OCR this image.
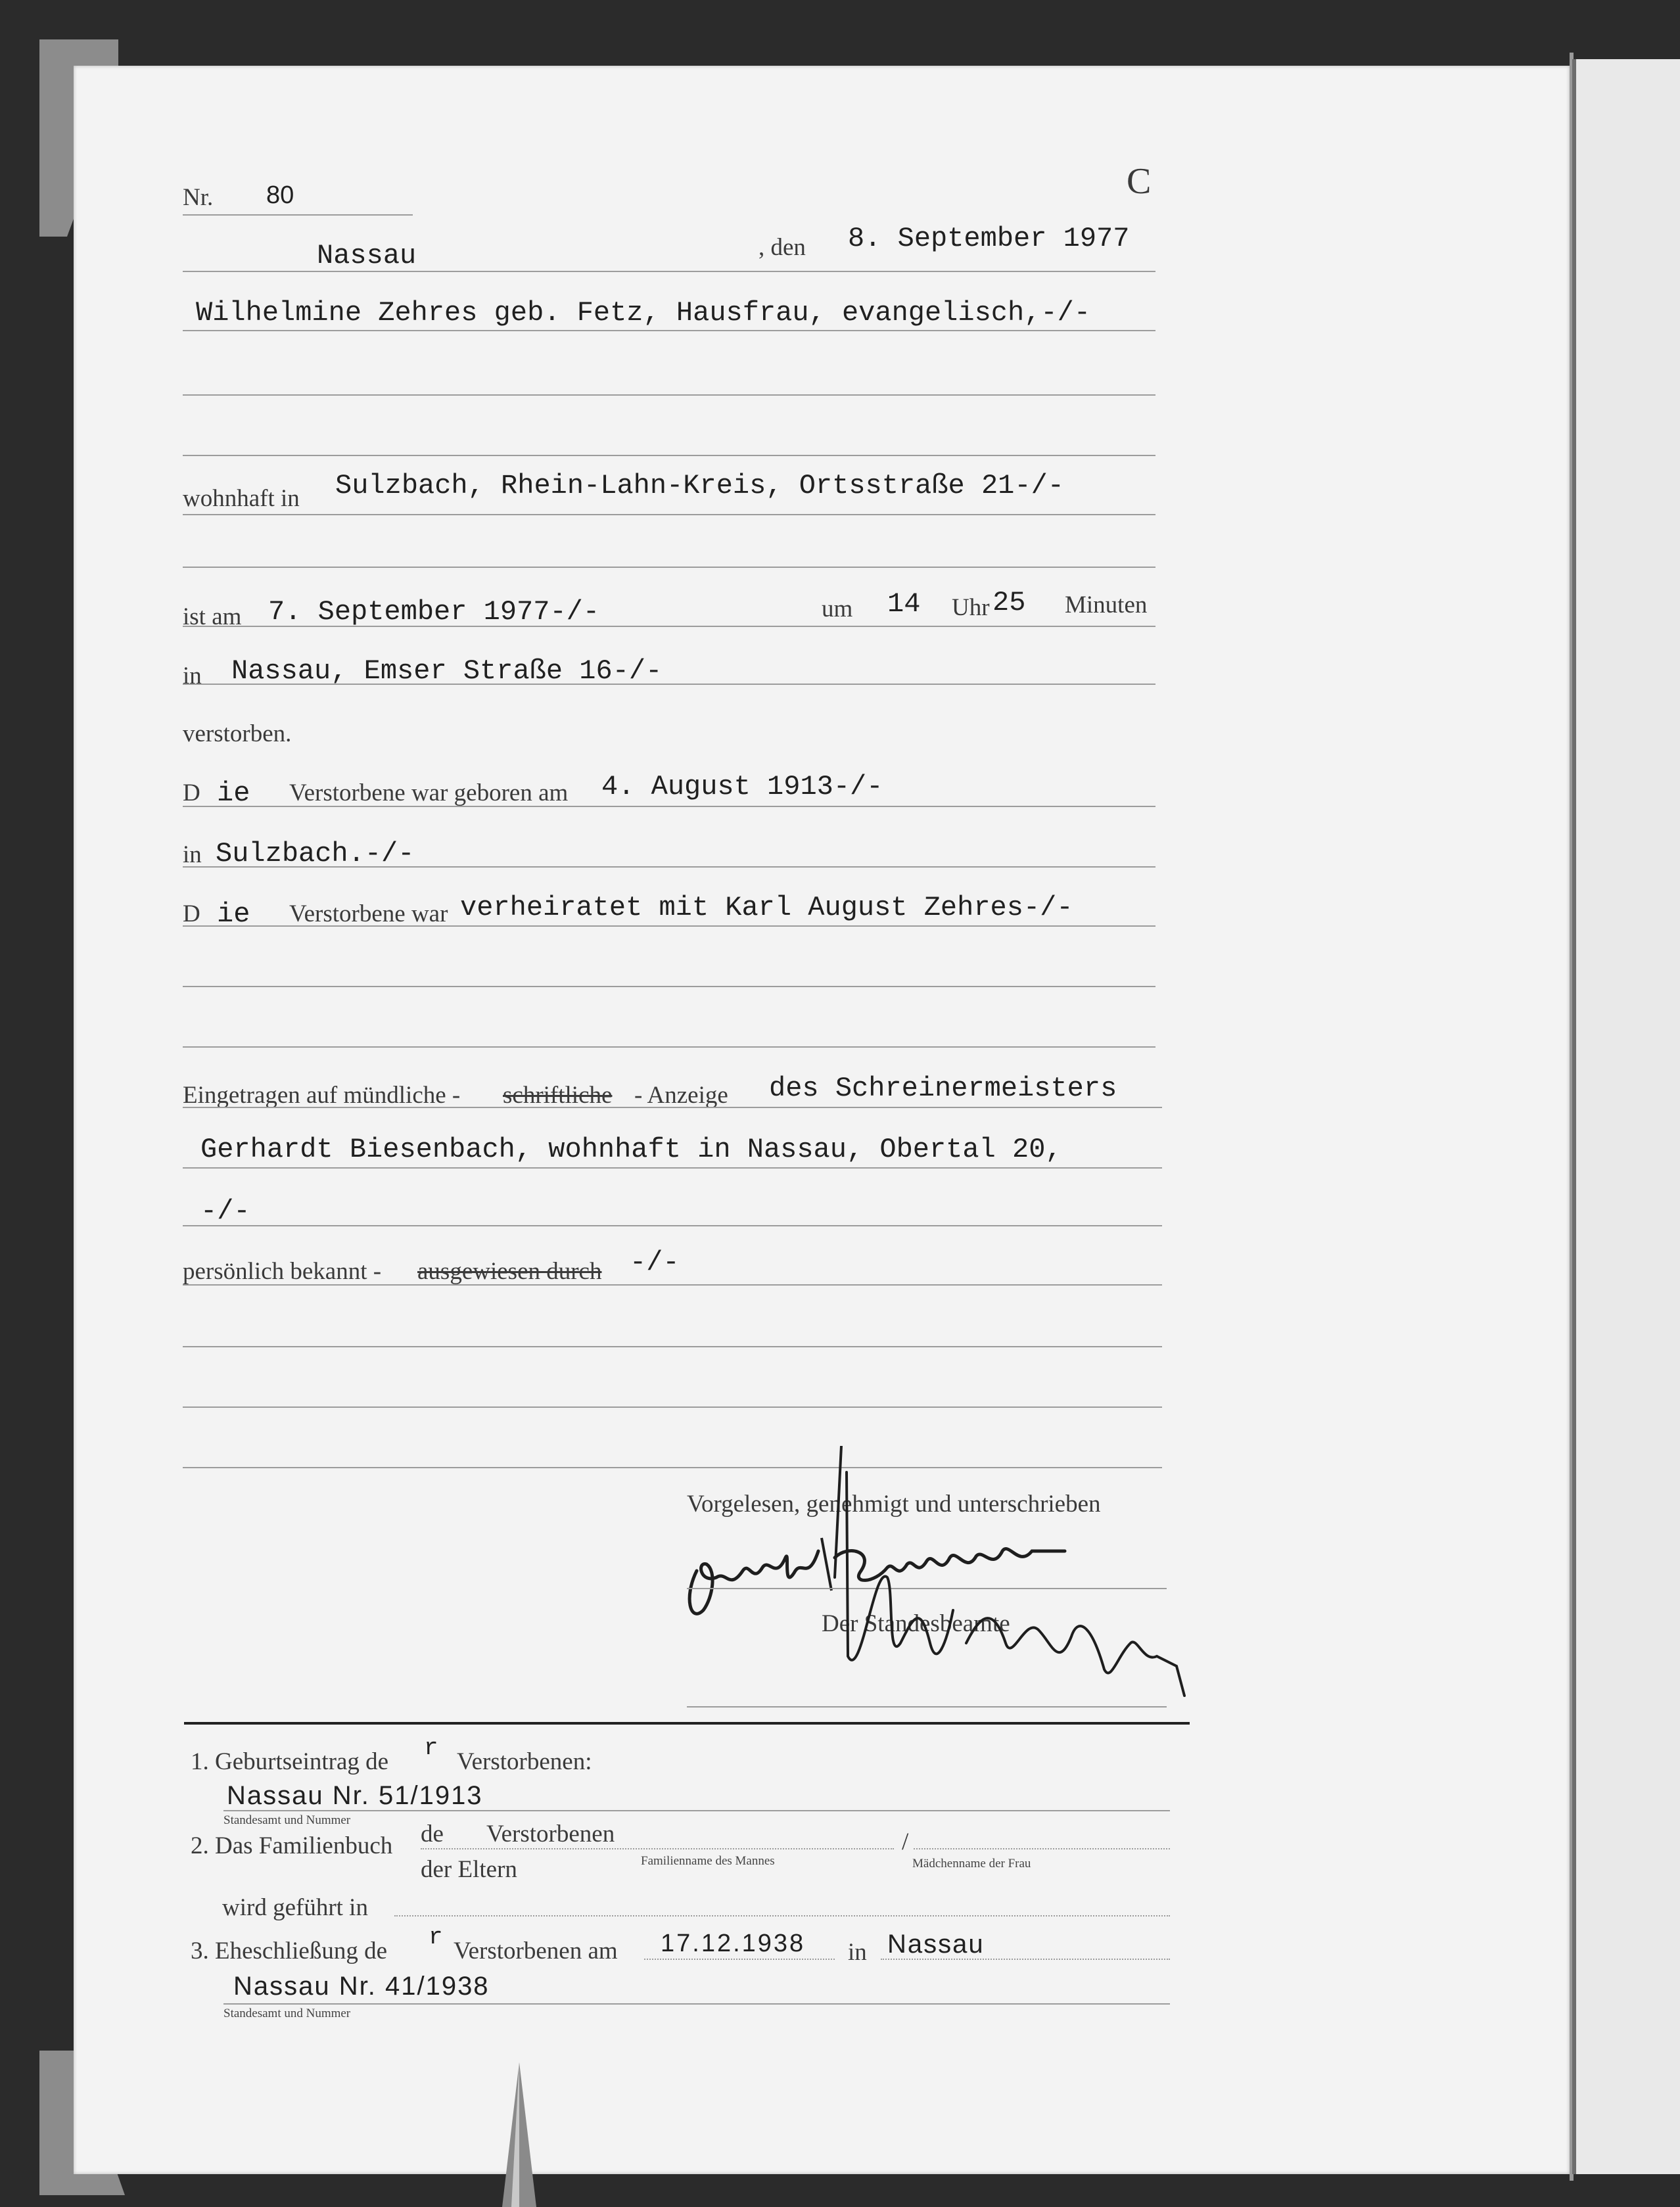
Nr. 80	C
Nassau	, den 8. September 1977
Wilhelmine Zehres geb. Fetz, Hausfrau, evangelisch,-/-
wohnhaft in Sulzbach, Rhein-Lahn-Kreis, Ortsstraße 21-/-
ist am 7. September 1977-/-	um 14 Uhr 25 Minuten
in Nassau, Emser Straße 16-/-
verstorben.
D ie Verstorbene war geboren am 4. August 1913-/-
in Sulzbach.-/-
D ie Verstorbene war verheiratet mit Karl August Zehres-/-
Eingetragen auf mündliche - schriftliche - Anzeige des Schreinermeisters
Gerhardt Biesenbach, wohnhaft in Nassau, Obertal 20,
-/-
persönlich bekannt - ausgewiesen durch -/-
Vorgelesen, genehmigt und unterschrieben
Der Standesbeamte
1. Geburtseintrag de
r
Verstorbenen:
Nassau Nr. 51/1913
Standesamt und Nummer
2. Das Familienbuch de Verstorbenen	/
der Eltern	Familienname des Mannes	Mädchenname der Frau
wird geführt in
3. Eheschließung de
r
Verstorbenen am 17.12.1938 in Nassau
Nassau Nr. 41/1938
Standesamt und Nummer
